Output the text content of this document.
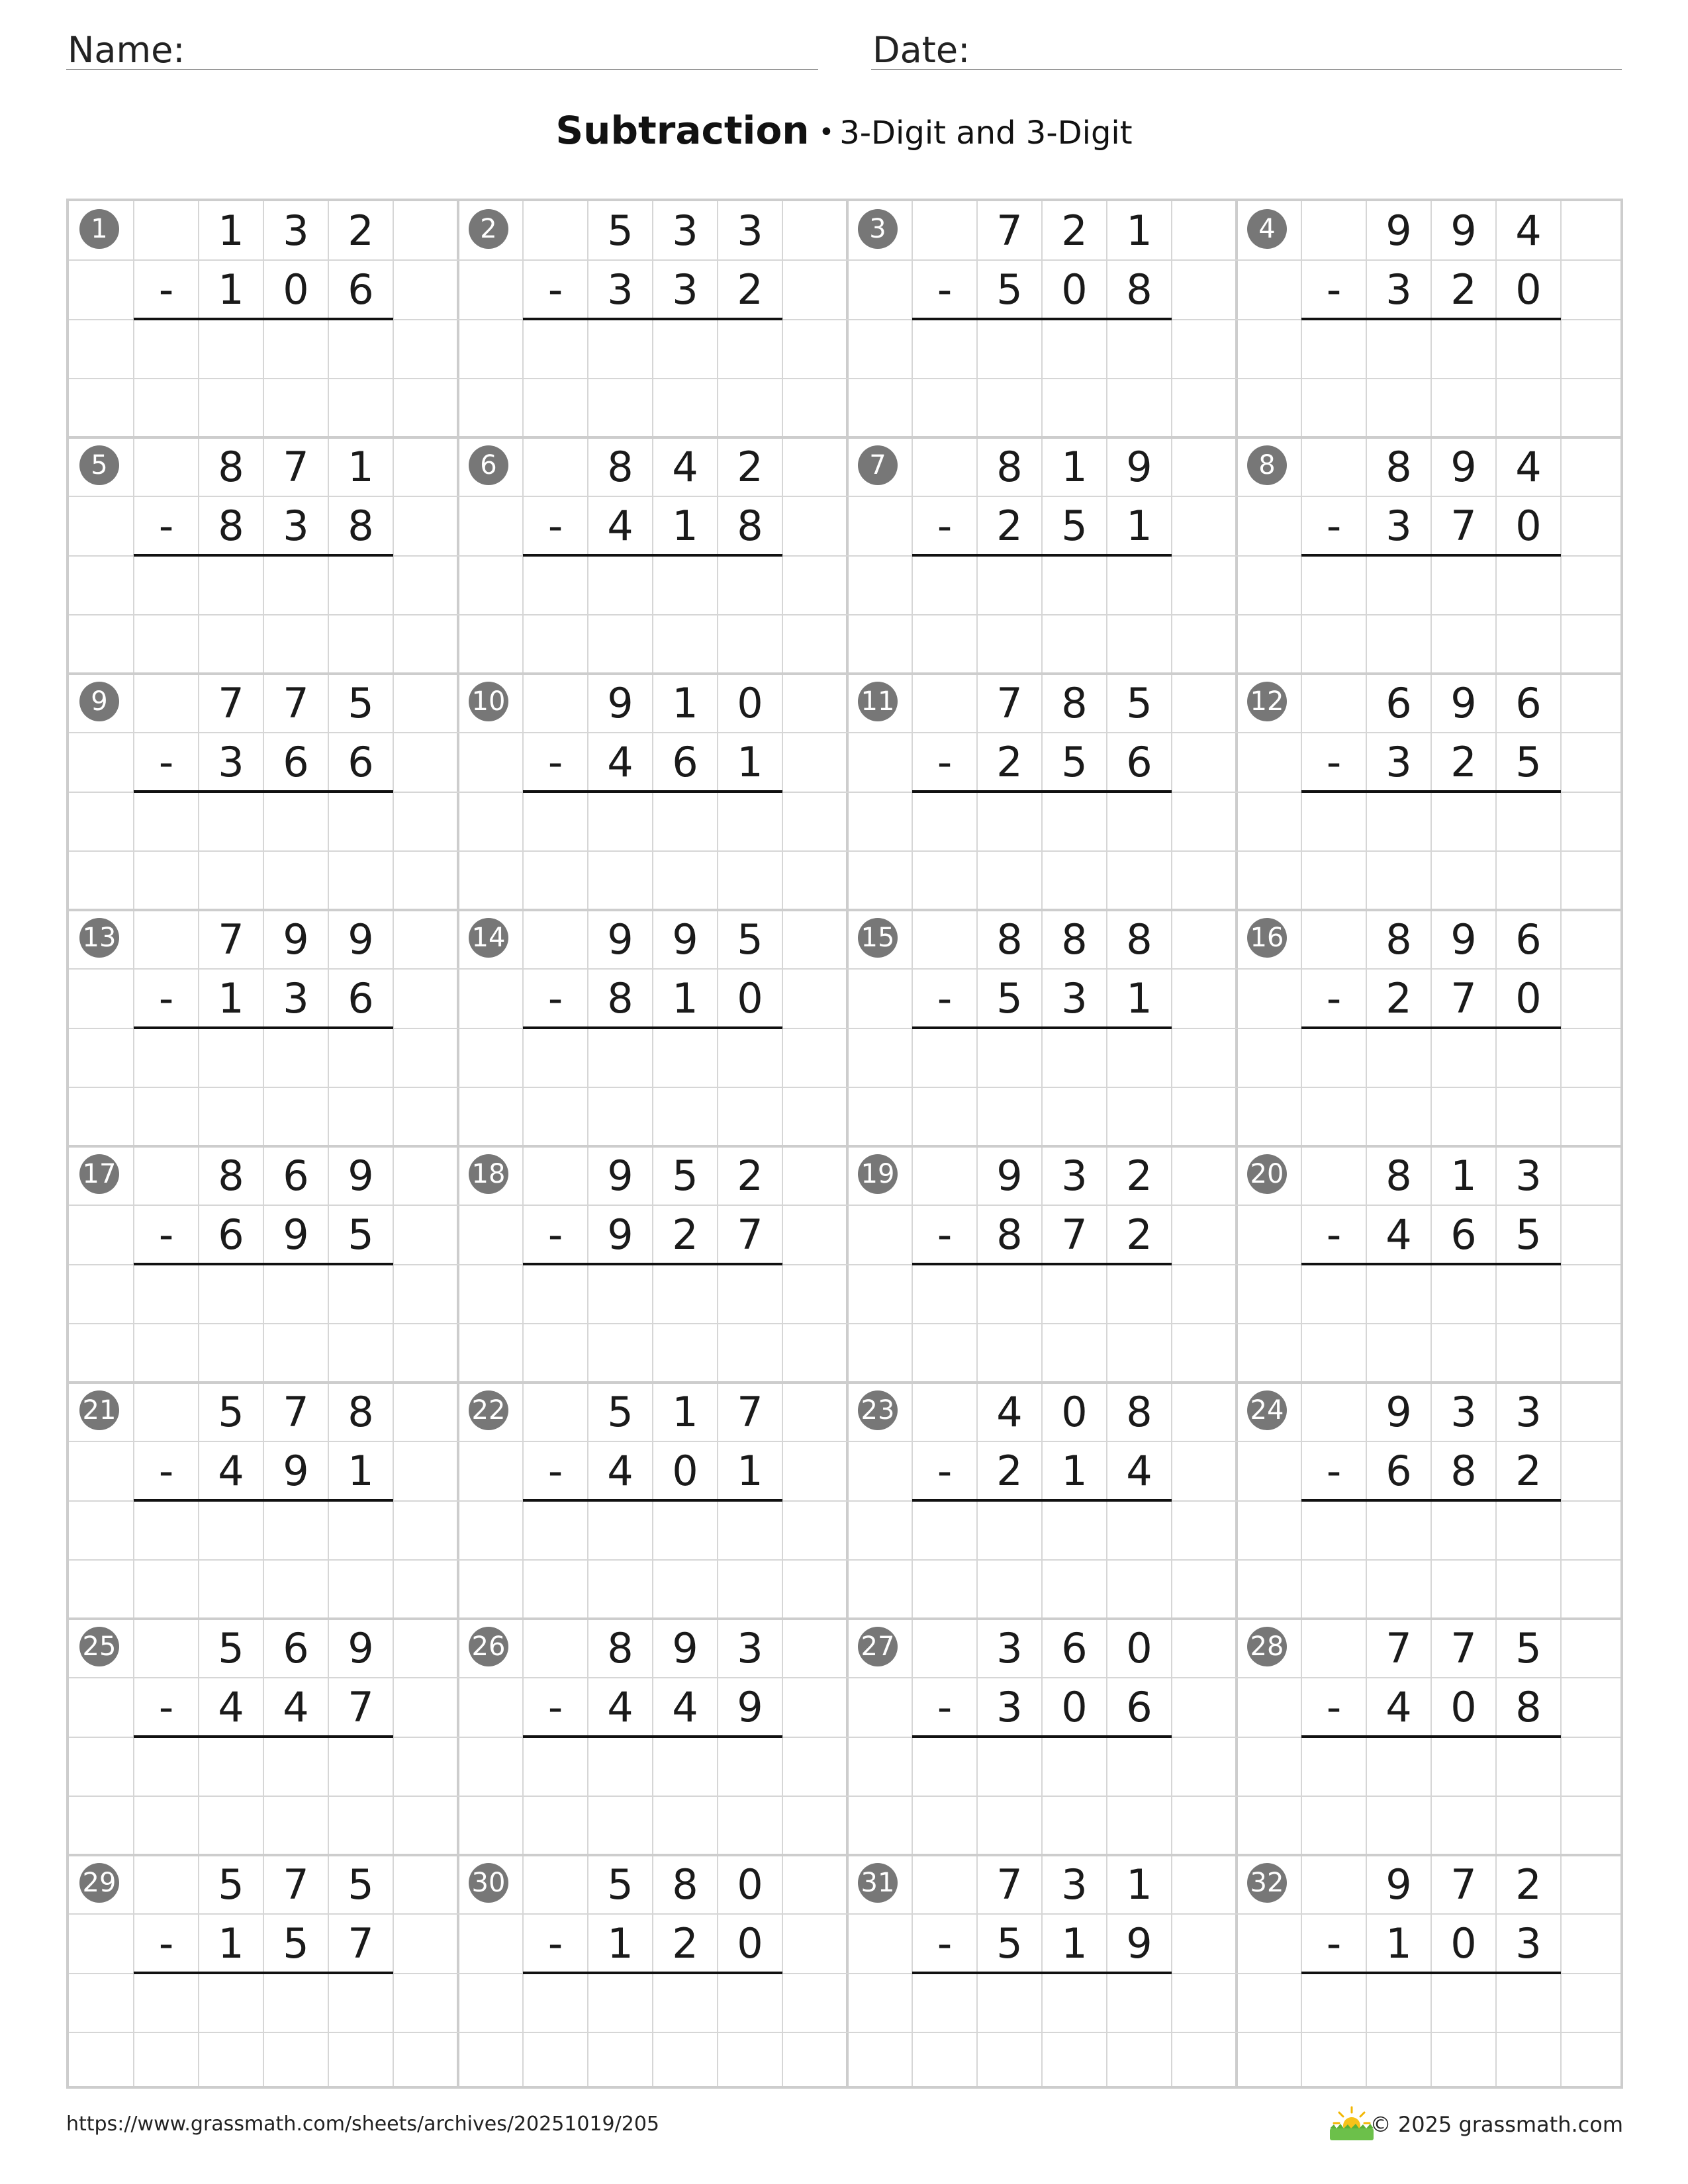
Name:	Date:
Subtraction • 3-Digit and 3-Digit
1	1 3 2
-	1 0 6
2	5 3 3
-	3 3 2
3	7 2 1
-	5 0 8
4	9 9 4
-	3 2 0
5	8 7 1
-	8 3 8
6	8 4 2
-	4 1 8
7	8 1 9
-	2 5 1
8	8 9 4
-	3 7 0
9	7 7 5
-	3 6 6
10	9 1 0
-	4 6 1
11	7 8 5
-	2 5 6
12	6 9 6
-	3 2 5
13	7 9 9
-	1 3 6
14	9 9 5
-	8 1 0
15	8 8 8
-	5 3 1
16	8 9 6
-	2 7 0
17	8 6 9
-	6 9 5
18	9 5 2
-	9 2 7
19	9 3 2
-	8 7 2
20	8 1 3
-	4 6 5
21	5 7 8
-	4 9 1
22	5 1 7
-	4 0 1
23	4 0 8
-	2 1 4
24	9 3 3
-	6 8 2
25	5 6 9
-	4 4 7
26	8 9 3
-	4 4 9
27	3 6 0
-	3 0 6
28	7 7 5
-	4 0 8
29	5 7 5
-	1 5 7
30	5 8 0
-	1 2 0
31	7 3 1
-	5 1 9
32	9 7 2
-	1 0 3
https://www.grassmath.com/sheets/archives/20251019/205	© 2025 grassmath.com
